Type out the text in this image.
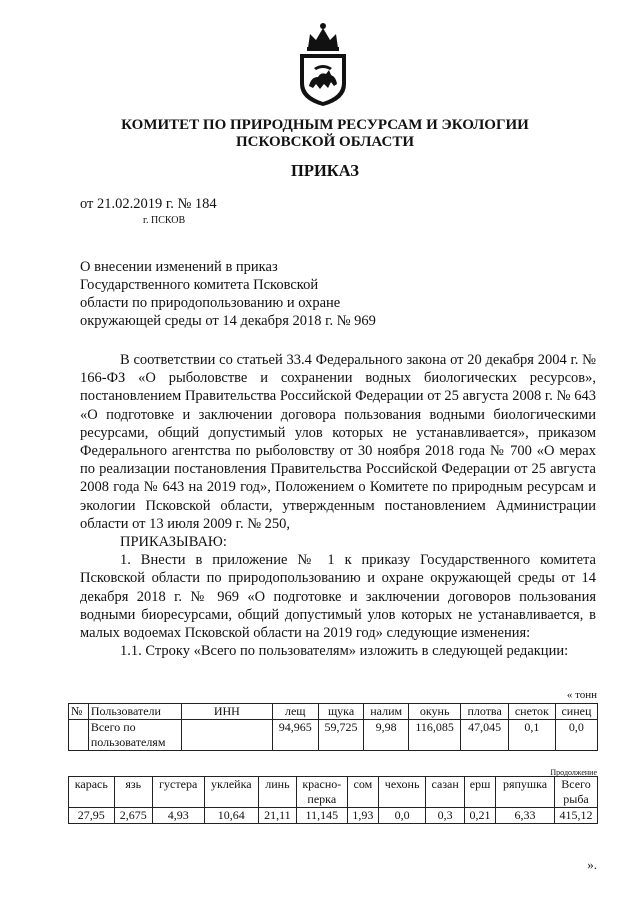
КОМИТЕТ ПО ПРИРОДНЫМ РЕСУРСАМ И ЭКОЛОГИИ
ПСКОВСКОЙ ОБЛАСТИ
ПРИКАЗ
от 21.02.2019 г. № 184
г. ПСКОВ
О внесении изменений в приказ
Государственного комитета Псковской
области по природопользованию и охране
окружающей среды от 14 декабря 2018 г. № 969

В соответствии со статьей 33.4 Федерального закона от 20 декабря 2004 г. № 166-ФЗ «О рыболовстве и сохранении водных биологических ресурсов», постановлением Правительства Российской Федерации от 25 августа 2008 г. № 643 «О подготовке и заключении договора пользования водными биологическими ресурсами, общий допустимый улов которых не устанавливается», приказом Федерального агентства по рыболовству от 30 ноября 2018 года № 700 «О мерах по реализации постановления Правительства Российской Федерации от 25 августа 2008 года № 643 на 2019 год», Положением о Комитете по природным ресурсам и экологии Псковской области, утвержденным постановлением Администрации области от 13 июля 2009 г. № 250,

ПРИКАЗЫВАЮ:

1. Внести в приложение № 1 к приказу Государственного комитета Псковской области по природопользованию и охране окружающей среды от 14 декабря 2018 г. № 969 «О подготовке и заключении договоров пользования водными биоресурсами, общий допустимый улов которых не устанавливается, в малых водоемах Псковской области на 2019 год» следующие изменения:

1.1. Строку «Всего по пользователям» изложить в следующей редакции:

« тонн
№	Пользователи	ИНН	лещ	щука	налим	окунь	плотва	снеток	синец
	Всего по пользователям		94,965	59,725	9,98	116,085	47,045	0,1	0,0
Продолжение
карась	язь	густера	уклейка	линь	красно-перка	сом	чехонь	сазан	ерш	ряпушка	Всего рыба
27,95	2,675	4,93	10,64	21,11	11,145	1,93	0,0	0,3	0,21	6,33	415,12
».
